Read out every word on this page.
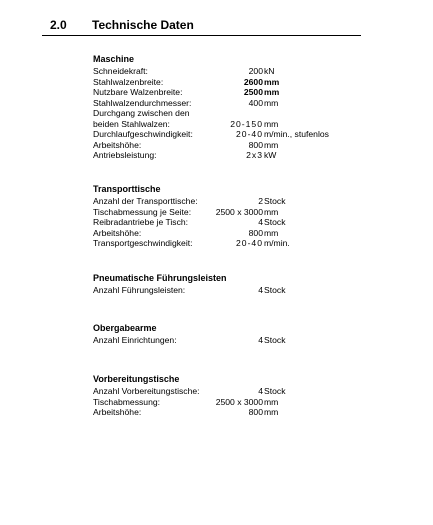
2.0 Technische Daten
Maschine
Schneidekraft:	200 kN
Stahlwalzenbreite:	2600 mm
Nutzbare Walzenbreite:	2500 mm
Stahlwalzendurchmesser:	400 mm
Durchgang zwischen den
beiden Stahlwalzen:	20-150 mm
Durchlaufgeschwindigkeit:	20-40 m/min., stufenlos
Arbeitshöhe:	800 mm
Antriebsleistung:	2x3 kW
Transporttische
Anzahl der Transporttische:	2 Stock
Tischabmessung je Seite:	2500 x 3000 mm
Reibradantriebe je Tisch:	4 Stock
Arbeitshöhe:	800 mm
Transportgeschwindigkeit:	20-40 m/min.
Pneumatische Führungsleisten
Anzahl Führungsleisten:	4 Stock
Obergabearme
Anzahl Einrichtungen:	4 Stock
Vorbereitungstische
Anzahl Vorbereitungstische:	4 Stock
Tischabmessung:	2500 x 3000 mm
Arbeitshöhe:	800 mm
